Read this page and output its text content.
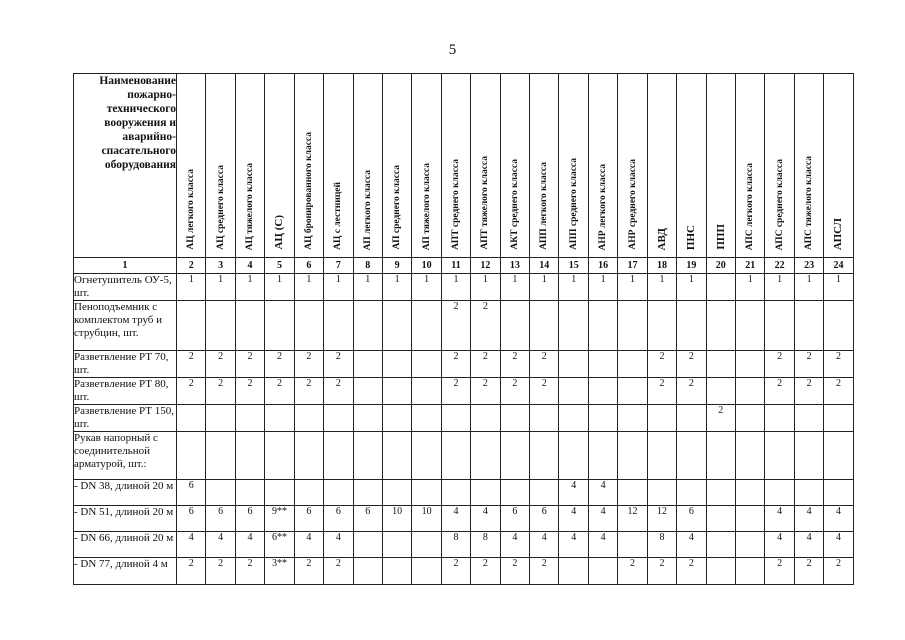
5
Наименование пожарно-технического вооружения и аварийно-спасательного оборудования	АЦ легкого класса	АЦ среднего класса	АЦ тяжелого класса	АЦ (С)	АЦ бронированного класса	АЦ с лестницей	АП легкого класса	АП среднего класса	АП тяжелого класса	АПТ среднего класса	АПТ тяжелого класса	АКТ среднего класса	АПП легкого класса	АПП среднего класса	АНР легкого класса	АНР среднего класса	АВД	ПНС	ППП	АПС легкого класса	АПС среднего класса	АПС тяжелого класса	АПСЛ
1	2	3	4	5	6	7	8	9	10	11	12	13	14	15	16	17	18	19	20	21	22	23	24
Огнетушитель ОУ-5, шт.	1	1	1	1	1	1	1	1	1	1	1	1	1	1	1	1	1	1		1	1	1	1
Пеноподъемник с комплектом труб и струбцин, шт.										2	2												
Разветвление РТ 70, шт.	2	2	2	2	2	2				2	2	2	2				2	2			2	2	2
Разветвление РТ 80, шт.	2	2	2	2	2	2				2	2	2	2				2	2			2	2	2
Разветвление РТ 150, шт.																			2				
Рукав напорный с соединительной арматурой, шт.:																							
- DN 38, длиной 20 м	6													4	4								
- DN 51, длиной 20 м	6	6	6	9**	6	6	6	10	10	4	4	6	6	4	4	12	12	6			4	4	4
- DN 66, длиной 20 м	4	4	4	6**	4	4				8	8	4	4	4	4		8	4			4	4	4
- DN 77, длиной 4 м	2	2	2	3**	2	2				2	2	2	2			2	2	2			2	2	2
